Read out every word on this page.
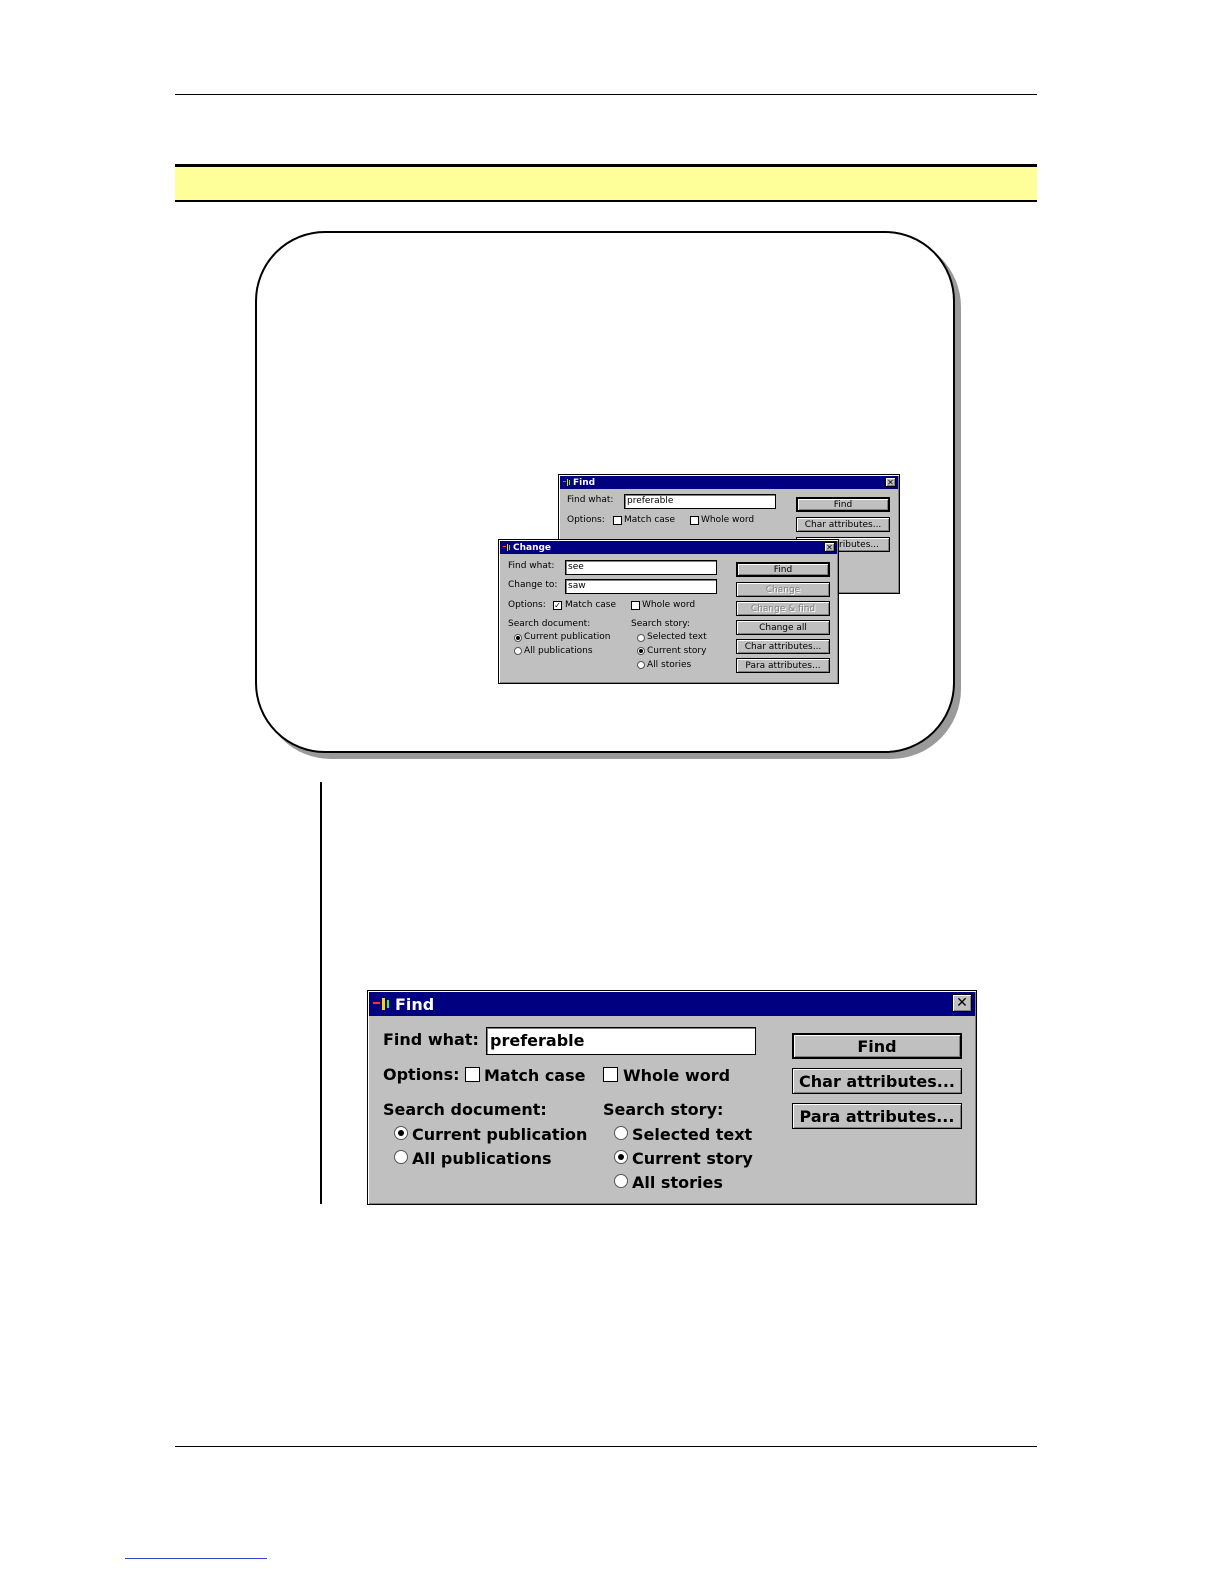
Find	✕
Find what:	preferable
Options: Match case	Whole word
Find
Char attributes...
ributes...
Change	✕
Find what:	see
Change to:	saw
Options: ✓ Match case	Whole word
Search document:
Current publication
All publications
Search story:
Selected text
Current story
All stories
Find
Change
Change & find
Change all
Char attributes...
Para attributes...
Find	✕
Find what: preferable
Options: Match case Whole word
Search document:
Current publication
All publications
Search story:
Selected text
Current story
All stories
Find
Char attributes...
Para attributes...
